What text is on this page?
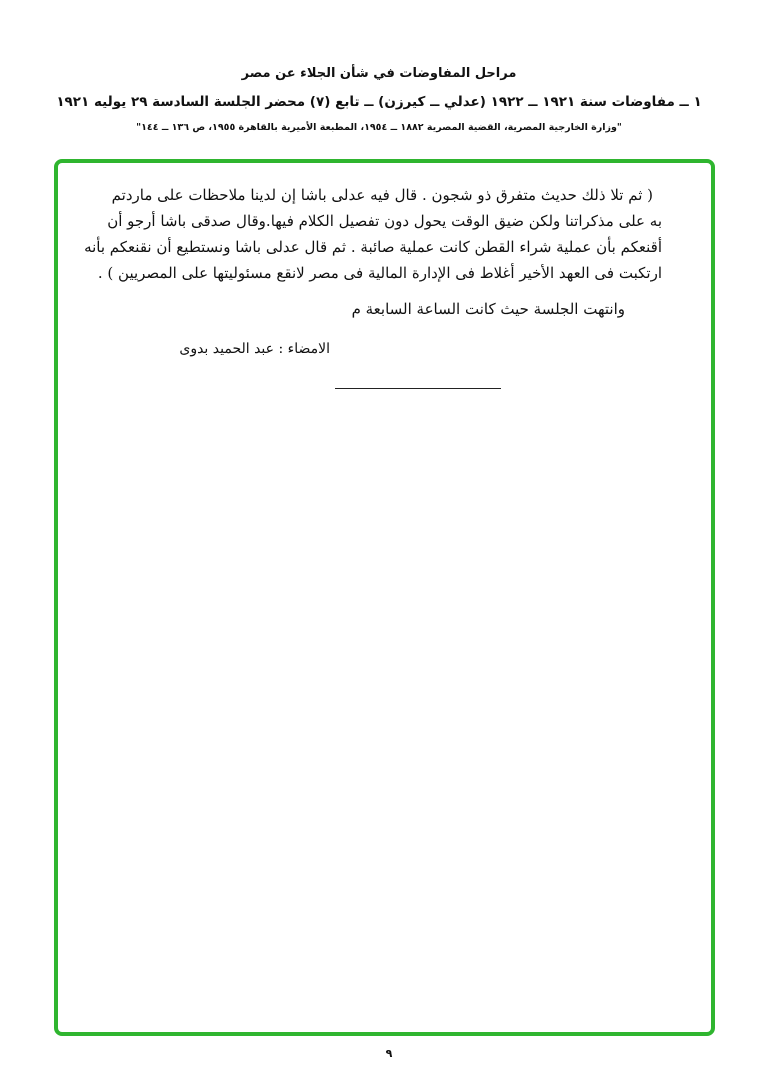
مراحل المفاوضات في شأن الجلاء عن مصر
١ ــ مفاوضات سنة ١٩٢١ ــ ١٩٢٢ (عدلي ــ كيرزن) ــ تابع (٧) محضر الجلسة السادسة ٢٩ يوليه ١٩٢١
"وزارة الخارجية المصرية، القضية المصرية ١٨٨٢ ــ ١٩٥٤، المطبعة الأميرية بالقاهرة ١٩٥٥، ص ١٣٦ ــ ١٤٤"
( ثم تلا ذلك حديث متفرق ذو شجون . قال فيه عدلى باشا إن لدينا ملاحظات على ماردتم
به على مذكراتنا ولكن ضيق الوقت يحول دون تفصيل الكلام فيها.وقال صدقى باشا أرجو أن
أقنعكم بأن عملية شراء القطن كانت عملية صائبة . ثم قال عدلى باشا ونستطيع أن نقنعكم بأنه
ارتكبت فى العهد الأخير أغلاط فى الإدارة المالية فى مصر لانقع مسئوليتها على المصريين ) .
وانتهت الجلسة حيث كانت الساعة السابعة م
الامضاء : عبد الحميد بدوى
٩
